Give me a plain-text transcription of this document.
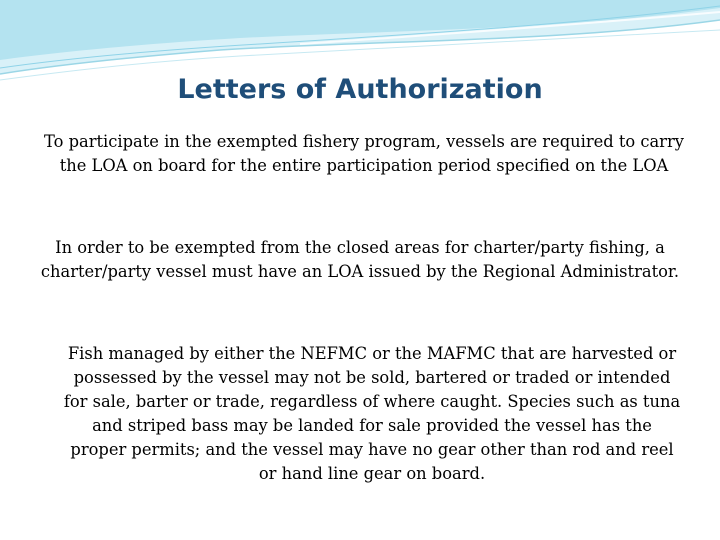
Letters of Authorization
To participate in the exempted fishery program, vessels are required to carry the LOA on board for the entire participation period specified on the LOA
In order to be exempted from the closed areas for charter/party fishing, a charter/party vessel must have an LOA issued by the Regional Administrator.
Fish managed by either the NEFMC or the MAFMC that are harvested or possessed by the vessel may not be sold, bartered or traded or intended for sale, barter or trade, regardless of where caught. Species such as tuna and striped bass may be landed for sale provided the vessel has the proper permits; and the vessel may have no gear other than rod and reel or hand line gear on board.
